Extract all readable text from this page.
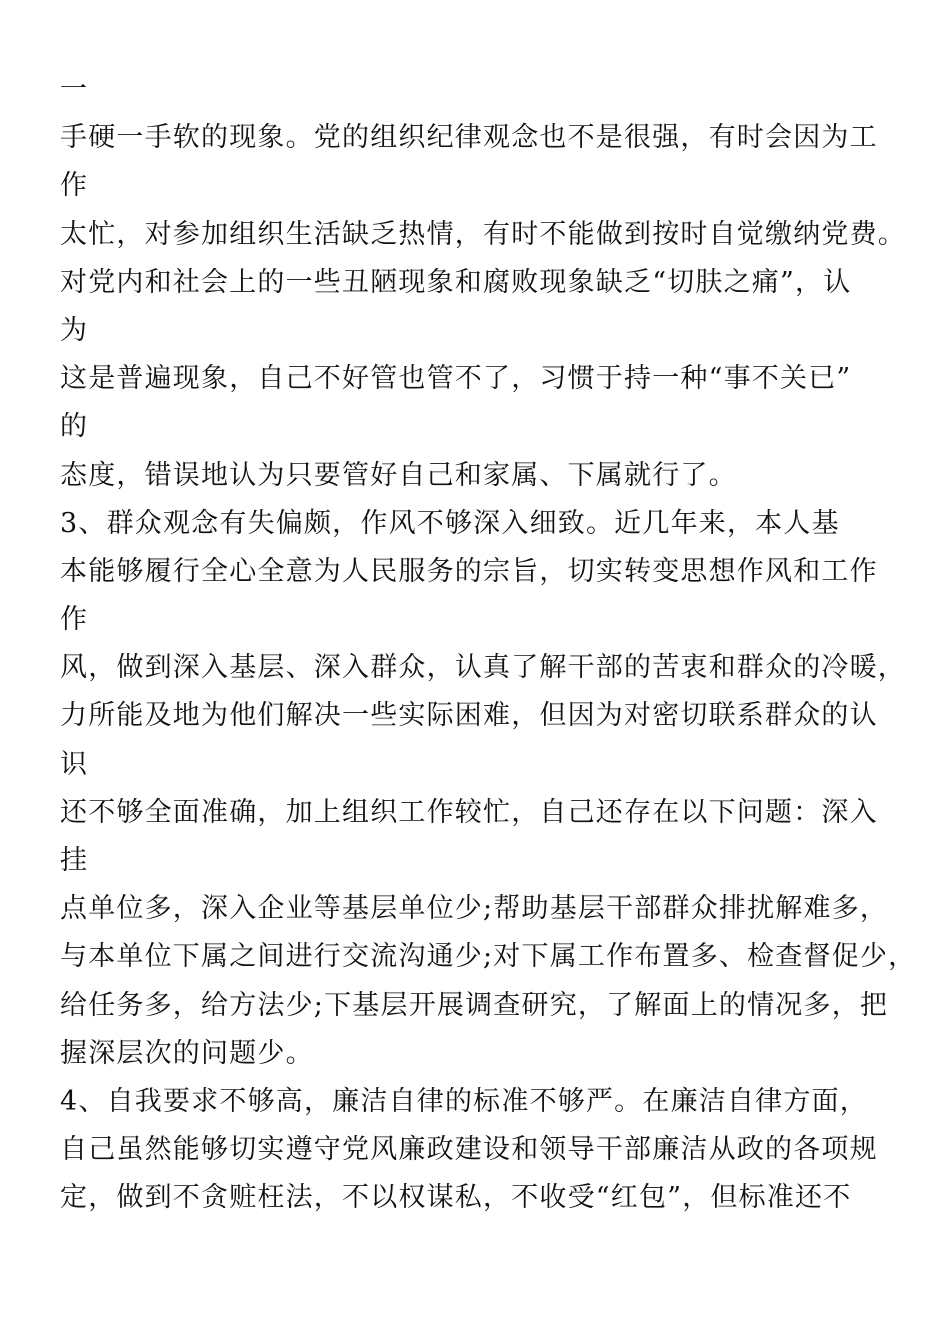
一
手硬一手软的现象。党的组织纪律观念也不是很强，有时会因为工
作
太忙，对参加组织生活缺乏热情，有时不能做到按时自觉缴纳党费。
对党内和社会上的一些丑陋现象和腐败现象缺乏“切肤之痛”，认
为
这是普遍现象，自己不好管也管不了，习惯于持一种“事不关已”
的
态度，错误地认为只要管好自己和家属、下属就行了。
3、群众观念有失偏颇，作风不够深入细致。近几年来，本人基
本能够履行全心全意为人民服务的宗旨，切实转变思想作风和工作
作
风，做到深入基层、深入群众，认真了解干部的苦衷和群众的冷暖，
力所能及地为他们解决一些实际困难，但因为对密切联系群众的认
识
还不够全面准确，加上组织工作较忙，自己还存在以下问题：深入
挂
点单位多，深入企业等基层单位少;帮助基层干部群众排扰解难多，
与本单位下属之间进行交流沟通少;对下属工作布置多、检查督促少，
给任务多，给方法少;下基层开展调查研究，了解面上的情况多，把
握深层次的问题少。
4、自我要求不够高，廉洁自律的标准不够严。在廉洁自律方面，
自己虽然能够切实遵守党风廉政建设和领导干部廉洁从政的各项规
定，做到不贪赃枉法，不以权谋私，不收受“红包”，但标准还不
